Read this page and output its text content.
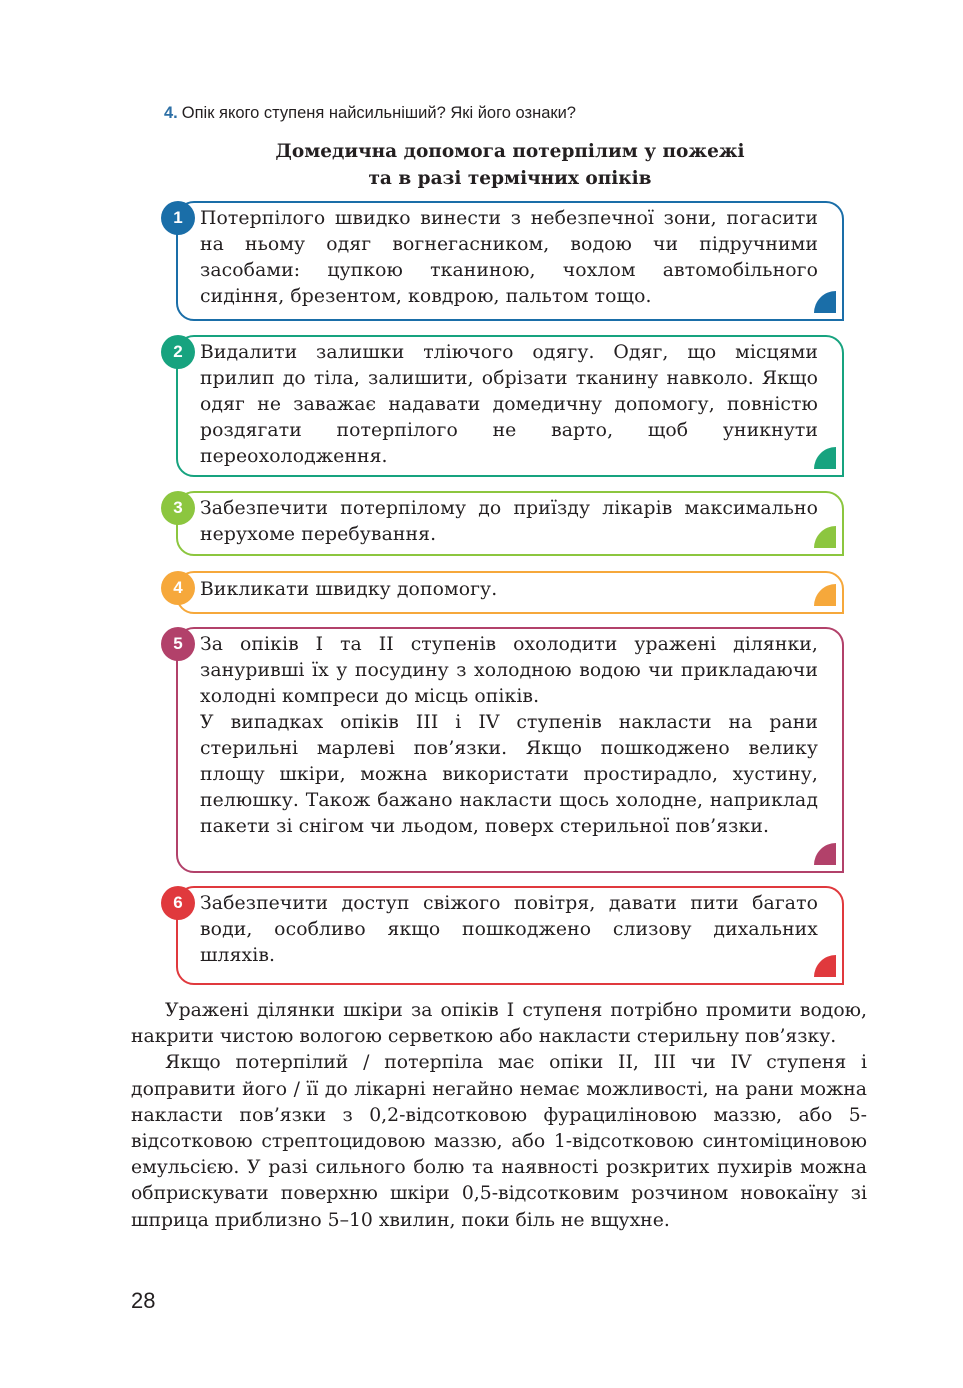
4. Опік якого ступеня найсильніший? Які його ознаки?
Домедична допомога потерпілим у пожежі
та в разі термічних опіків
1 Потерпілого швидко винести з небезпечної зони, погасити на ньому одяг вогнегасником, водою чи підручними засобами: цупкою тканиною, чохлом автомобільного сидіння, брезентом, ковдрою, пальтом тощо.

2 Видалити залишки тліючого одягу. Одяг, що місцями прилип до тіла, залишити, обрізати тканину навколо. Якщо одяг не заважає надавати домедичну допомогу, повністю роздягати потерпілого не варто, щоб уникнути переохолодження.

3 Забезпечити потерпілому до приїзду лікарів максимально нерухоме перебування.

4 Викликати швидку допомогу.

5 За опіків I та II ступенів охолодити уражені ділянки, занурившi їх у посудину з холодною водою чи прикладаючи холодні компреси до місць опіків.

У випадках опіків III і IV ступенів накласти на рани стерильні марлеві пов’язки. Якщо пошкоджено велику площу шкіри, можна використати простирадло, хустину, пелюшку. Також бажано накласти щось холодне, наприклад пакети зі снігом чи льодом, поверх стерильної пов’язки.

6 Забезпечити доступ свіжого повітря, давати пити багато води, особливо якщо пошкоджено слизову дихальних шляхів.

Уражені ділянки шкіри за опіків I ступеня потрібно промити водою, накрити чистою вологою серветкою або накласти стерильну пов’язку.

Якщо потерпілий / потерпіла має опіки II, III чи IV ступеня і доправити його / її до лікарні негайно немає можливості, на рани можна накласти пов’язки з 0,2-відсотковою фурациліновою маззю, або 5-відсотковою стрептоцидовою маззю, або 1-відсотковою синтоміциновою емульсією. У разі сильного болю та наявності розкритих пухирів можна обприскувати поверхню шкіри 0,5-відсотковим розчином новокаїну зі шприца приблизно 5–10 хвилин, поки біль не вщухне.

28
